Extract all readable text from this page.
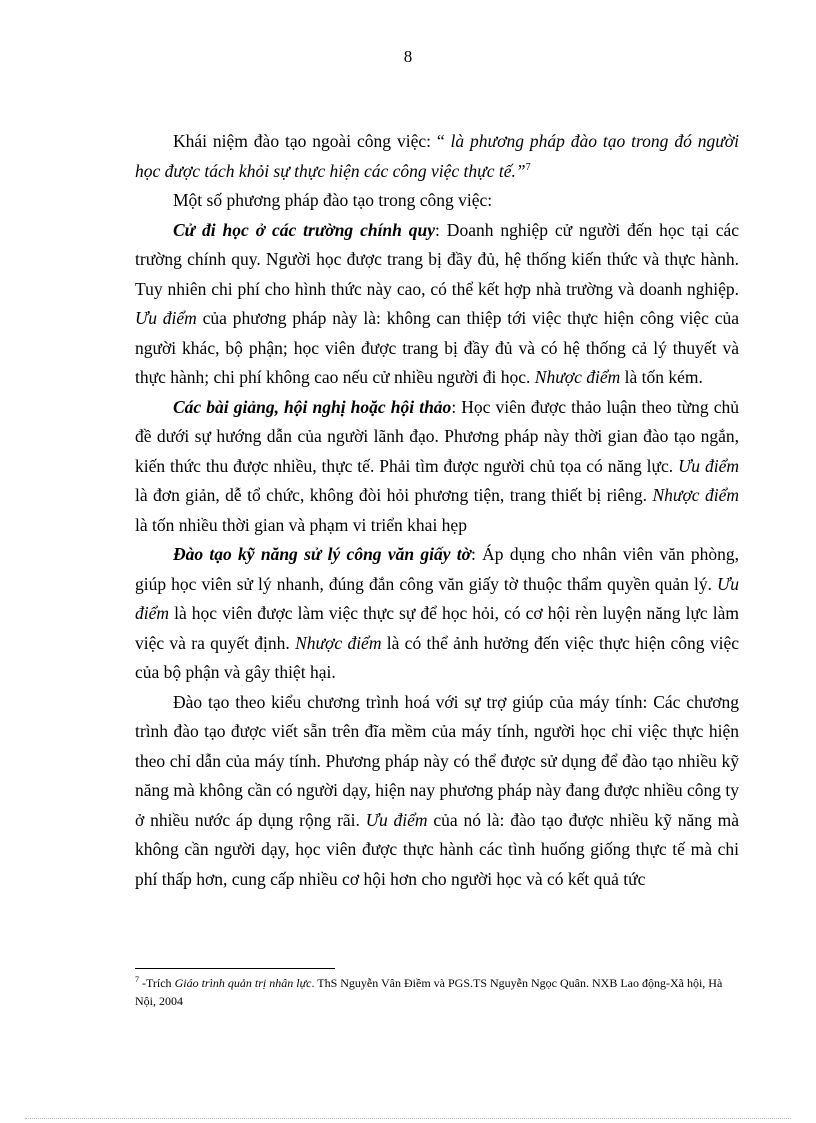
8

Khái niệm đào tạo ngoài công việc: “ là phương pháp đào tạo trong đó người học được tách khỏi sự thực hiện các công việc thực tế.”$^7$

Một số phương pháp đào tạo trong công việc:

Cử đi học ở các trường chính quy: Doanh nghiệp cử người đến học tại các trường chính quy. Người học được trang bị đầy đủ, hệ thống kiến thức và thực hành. Tuy nhiên chi phí cho hình thức này cao, có thể kết hợp nhà trường và doanh nghiệp. Ưu điểm của phương pháp này là: không can thiệp tới việc thực hiện công việc của người khác, bộ phận; học viên được trang bị đầy đủ và có hệ thống cả lý thuyết và thực hành; chi phí không cao nếu cử nhiều người đi học. Nhược điểm là tốn kém.

Các bài giảng, hội nghị hoặc hội thảo: Học viên được thảo luận theo từng chủ đề dưới sự hướng dẫn của người lãnh đạo. Phương pháp này thời gian đào tạo ngắn, kiến thức thu được nhiều, thực tế. Phải tìm được người chủ tọa có năng lực. Ưu điểm là đơn giản, dễ tổ chức, không đòi hỏi phương tiện, trang thiết bị riêng. Nhược điểm là tốn nhiều thời gian và phạm vi triển khai hẹp

Đào tạo kỹ năng sử lý công văn giấy tờ: Áp dụng cho nhân viên văn phòng, giúp học viên sử lý nhanh, đúng đắn công văn giấy tờ thuộc thẩm quyền quản lý. Ưu điểm là học viên được làm việc thực sự để học hỏi, có cơ hội rèn luyện năng lực làm việc và ra quyết định. Nhược điểm là có thể ảnh hưởng đến việc thực hiện công việc của bộ phận và gây thiệt hại.

Đào tạo theo kiểu chương trình hoá với sự trợ giúp của máy tính: Các chương trình đào tạo được viết sẵn trên đĩa mềm của máy tính, người học chỉ việc thực hiện theo chỉ dẫn của máy tính. Phương pháp này có thể được sử dụng để đào tạo nhiều kỹ năng mà không cần có người dạy, hiện nay phương pháp này đang được nhiều công ty ở nhiều nước áp dụng rộng rãi. Ưu điểm của nó là: đào tạo được nhiều kỹ năng mà không cần người dạy, học viên được thực hành các tình huống giống thực tế mà chi phí thấp hơn, cung cấp nhiều cơ hội hơn cho người học và có kết quả tức

$^7$ -Trích Giáo trình quản trị nhân lực. ThS Nguyễn Vân Điềm và PGS.TS Nguyễn Ngọc Quân. NXB Lao động-Xã hội, Hà Nội, 2004
